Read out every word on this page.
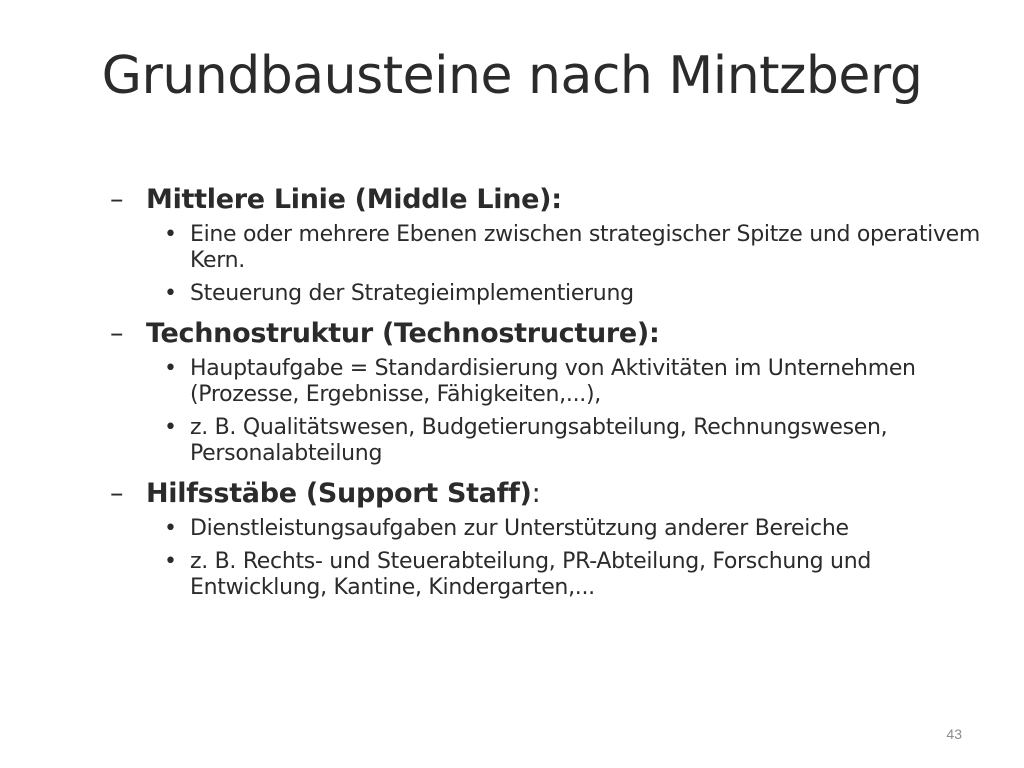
Grundbausteine nach Mintzberg
– Mittlere Linie (Middle Line):
• Eine oder mehrere Ebenen zwischen strategischer Spitze und operativem Kern.
• Steuerung der Strategieimplementierung
– Technostruktur (Technostructure):
• Hauptaufgabe = Standardisierung von Aktivitäten im Unternehmen (Prozesse, Ergebnisse, Fähigkeiten,...),
• z. B. Qualitätswesen, Budgetierungsabteilung, Rechnungswesen, Personalabteilung
– Hilfsstäbe (Support Staff):
• Dienstleistungsaufgaben zur Unterstützung anderer Bereiche
• z. B. Rechts- und Steuerabteilung, PR-Abteilung, Forschung und Entwicklung, Kantine, Kindergarten,...
43
